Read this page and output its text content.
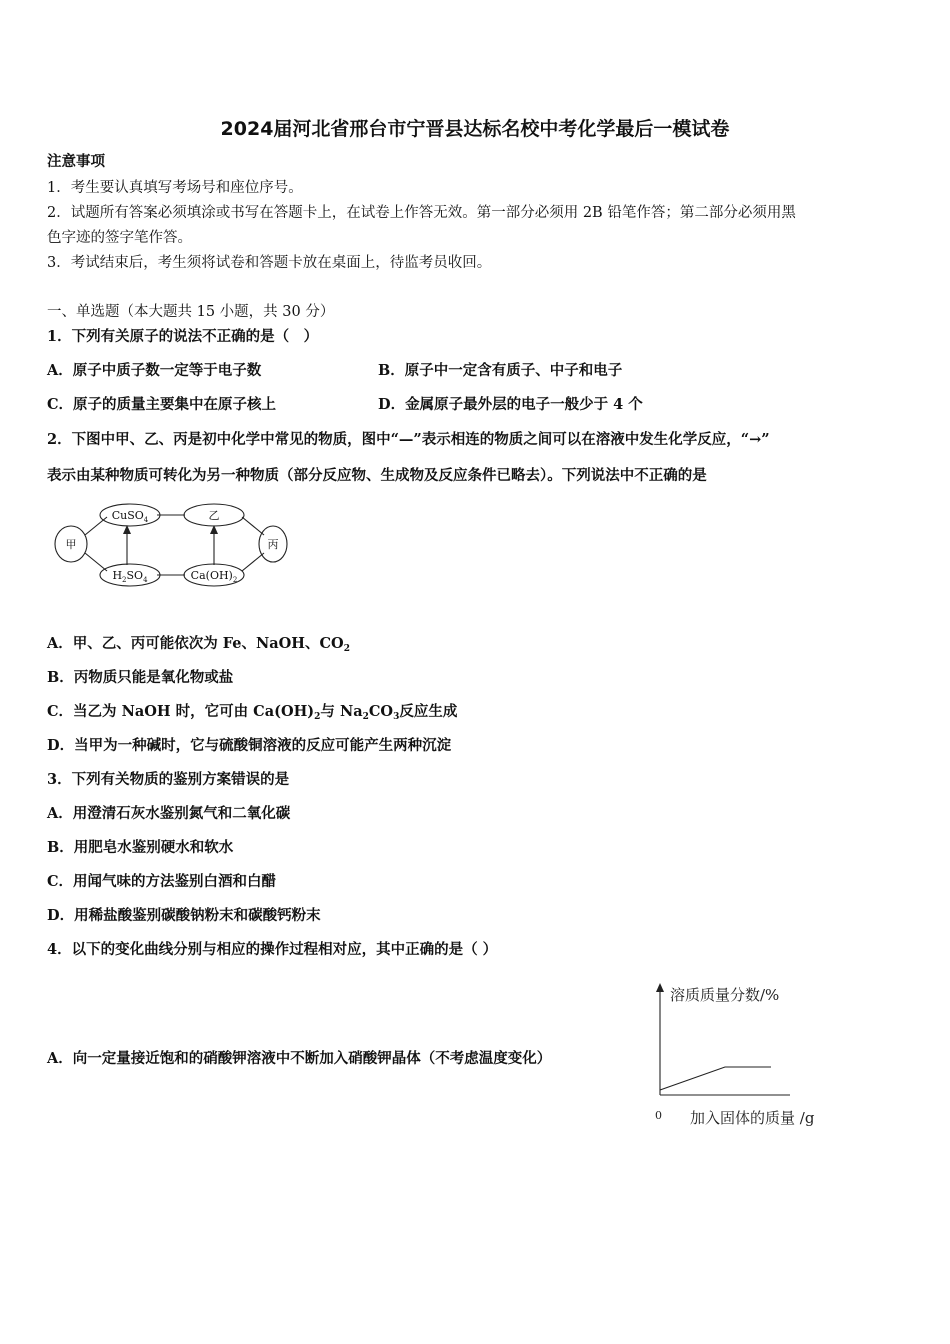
2024届河北省邢台市宁晋县达标名校中考化学最后一模试卷
注意事项
1．考生要认真填写考场号和座位序号。
2．试题所有答案必须填涂或书写在答题卡上，在试卷上作答无效。第一部分必须用 2B 铅笔作答；第二部分必须用黑
色字迹的签字笔作答。
3．考试结束后，考生须将试卷和答题卡放在桌面上，待监考员收回。
一、单选题（本大题共 15 小题，共 30 分）
1．下列有关原子的说法不正确的是（　）
A．原子中质子数一定等于电子数	B．原子中一定含有质子、中子和电子
C．原子的质量主要集中在原子核上	D．金属原子最外层的电子一般少于 4 个
2．下图中甲、乙、丙是初中化学中常见的物质，图中“—”表示相连的物质之间可以在溶液中发生化学反应，“→”
表示由某种物质可转化为另一种物质（部分反应物、生成物及反应条件已略去）。下列说法中不正确的是
甲
乙
丙
CuSO$_4$
$H_2SO_4$	$Ca(OH)_2$
A．甲、乙、丙可能依次为 Fe、NaOH、$CO_2$
B．丙物质只能是氧化物或盐
C．当乙为 NaOH 时，它可由 $Ca(OH)_2$与 $Na_2CO_3$反应生成
D．当甲为一种碱时，它与硫酸铜溶液的反应可能产生两种沉淀
3．下列有关物质的鉴别方案错误的是
A．用澄清石灰水鉴别氮气和二氧化碳
B．用肥皂水鉴别硬水和软水
C．用闻气味的方法鉴别白酒和白醋
D．用稀盐酸鉴别碳酸钠粉末和碳酸钙粉末
4．以下的变化曲线分别与相应的操作过程相对应，其中正确的是（ ）
A．向一定量接近饱和的硝酸钾溶液中不断加入硝酸钾晶体（不考虑温度变化）
溶质质量分数/%
0 加入固体的质量 /g
